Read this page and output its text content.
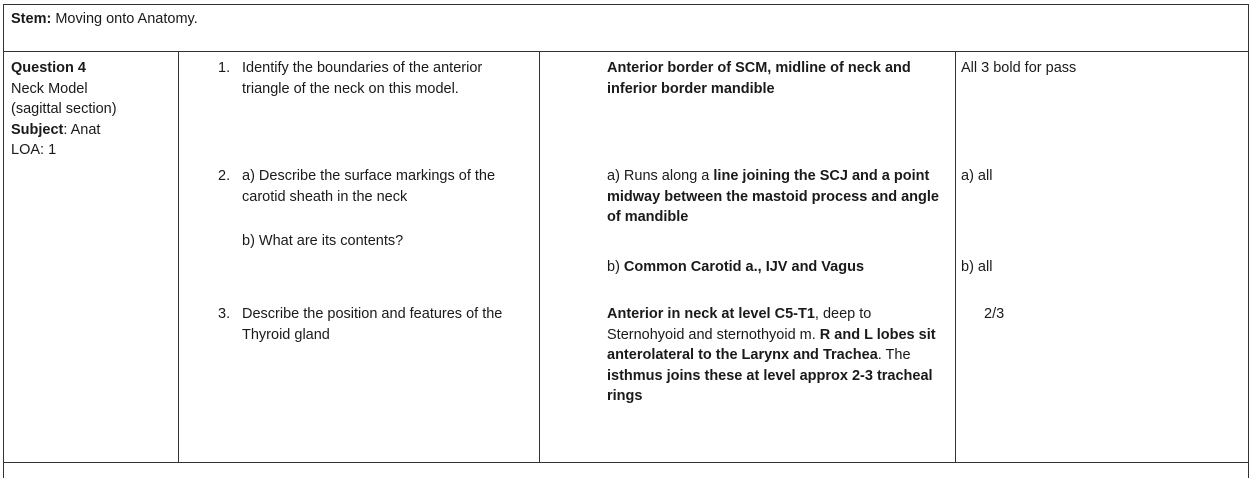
Stem: Moving onto Anatomy.
Question 4
Neck Model
(sagittal section)
Subject: Anat
LOA: 1
1. Identify the boundaries of the anterior triangle of the neck on this model.
2. a) Describe the surface markings of the carotid sheath in the neck
b) What are its contents?
3. Describe the position and features of the Thyroid gland
Anterior border of SCM, midline of neck and inferior border mandible
a) Runs along a line joining the SCJ and a point midway between the mastoid process and angle of mandible
b) Common Carotid a., IJV and Vagus
Anterior in neck at level C5-T1, deep to Sternohyoid and sternothyoid m. R and L lobes sit anterolateral to the Larynx and Trachea. The isthmus joins these at level approx 2-3 tracheal rings
All 3 bold for pass
a) all
b) all
2/3
